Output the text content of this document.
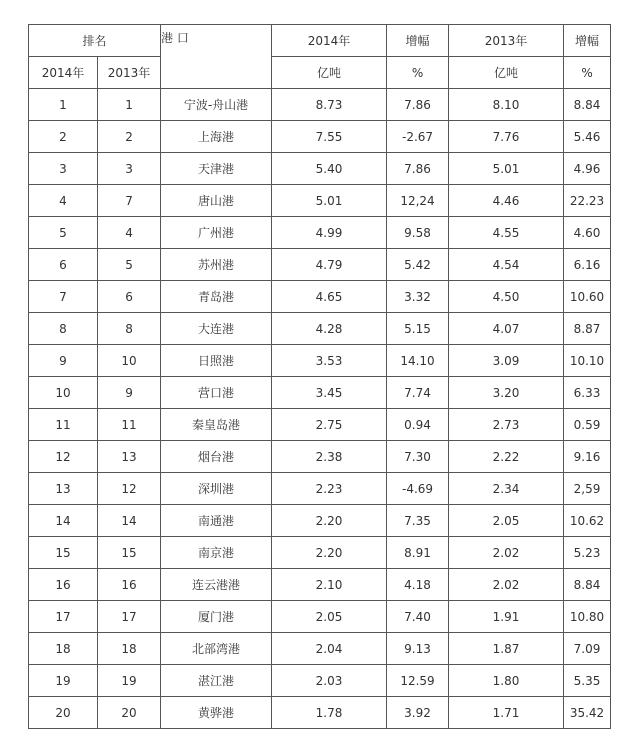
排名		港 口	2014年	增幅	2013年	增幅
2014年	2013年		亿吨	%	亿吨	%
1	1	宁波-舟山港	8.73	7.86	8.10	8.84
2	2	上海港	7.55	-2.67	7.76	5.46
3	3	天津港	5.40	7.86	5.01	4.96
4	7	唐山港	5.01	12,24	4.46	22.23
5	4	广州港	4.99	9.58	4.55	4.60
6	5	苏州港	4.79	5.42	4.54	6.16
7	6	青岛港	4.65	3.32	4.50	10.60
8	8	大连港	4.28	5.15	4.07	8.87
9	10	日照港	3.53	14.10	3.09	10.10
10	9	营口港	3.45	7.74	3.20	6.33
11	11	秦皇岛港	2.75	0.94	2.73	0.59
12	13	烟台港	2.38	7.30	2.22	9.16
13	12	深圳港	2.23	-4.69	2.34	2,59
14	14	南通港	2.20	7.35	2.05	10.62
15	15	南京港	2.20	8.91	2.02	5.23
16	16	连云港港	2.10	4.18	2.02	8.84
17	17	厦门港	2.05	7.40	1.91	10.80
18	18	北部湾港	2.04	9.13	1.87	7.09
19	19	湛江港	2.03	12.59	1.80	5.35
20	20	黄骅港	1.78	3.92	1.71	35.42
